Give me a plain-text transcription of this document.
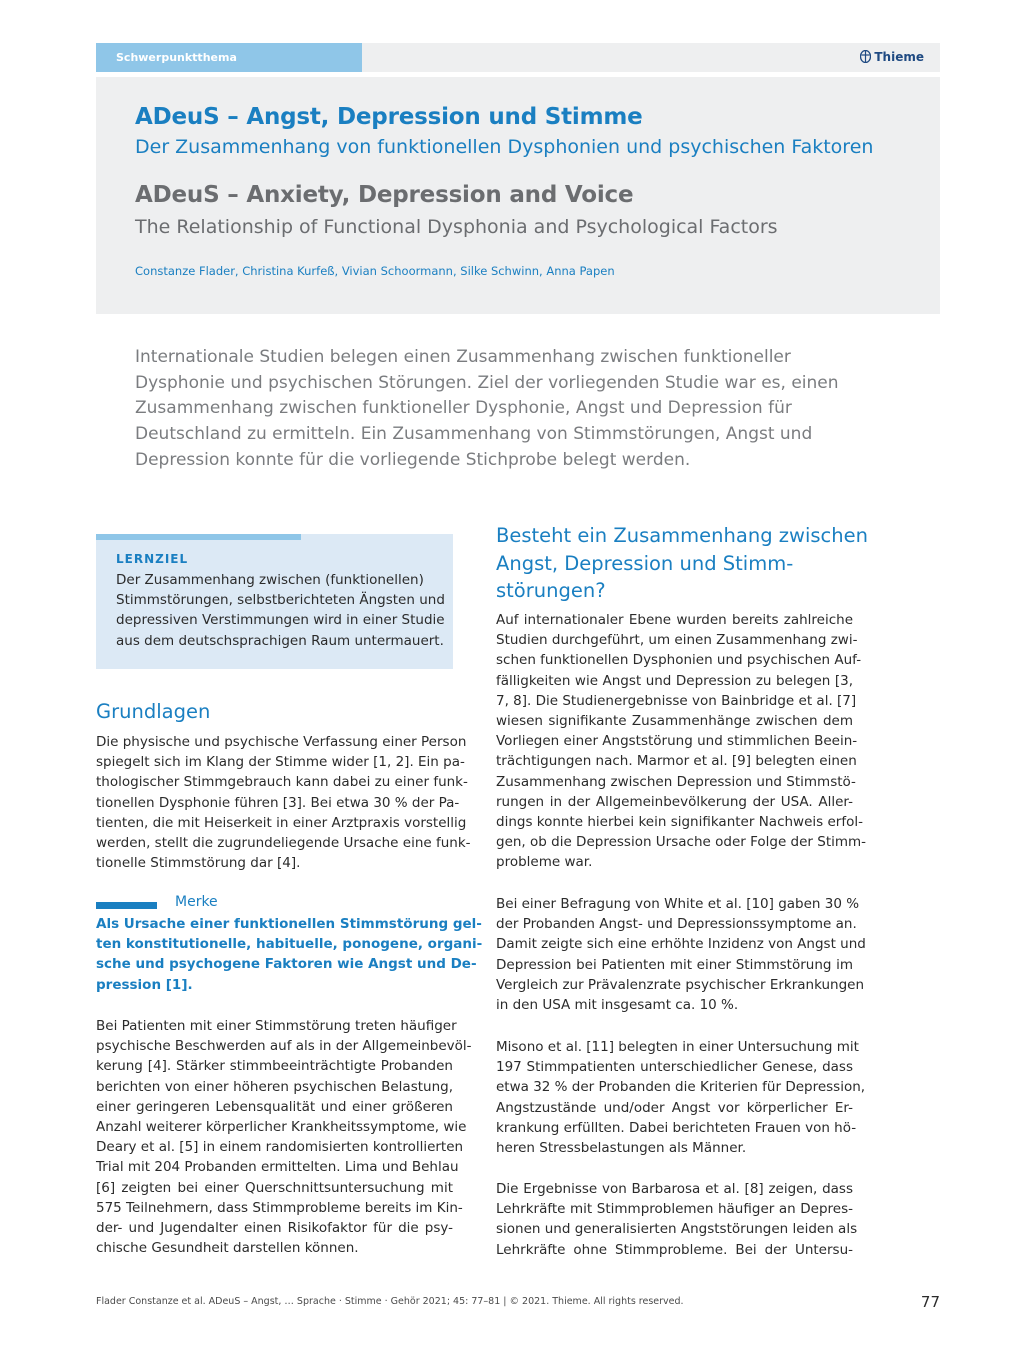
Schwerpunktthema	Thieme
ADeuS – Angst, Depression und Stimme
Der Zusammenhang von funktionellen Dysphonien und psychischen Faktoren
ADeuS – Anxiety, Depression and Voice
The Relationship of Functional Dysphonia and Psychological Factors
Constanze Flader, Christina Kurfeß, Vivian Schoormann, Silke Schwinn, Anna Papen
Internationale Studien belegen einen Zusammenhang zwischen funktioneller
Dysphonie und psychischen Störungen. Ziel der vorliegenden Studie war es, einen
Zusammenhang zwischen funktioneller Dysphonie, Angst und Depression für
Deutschland zu ermitteln. Ein Zusammenhang von Stimmstörungen, Angst und
Depression konnte für die vorliegende Stichprobe belegt werden.
LERNZIEL
Der Zusammenhang zwischen (funktionellen)
Stimmstörungen, selbstberichteten Ängsten und
depressiven Verstimmungen wird in einer Studie
aus dem deutschsprachigen Raum untermauert.
Grundlagen
Die physische und psychische Verfassung einer Person
spiegelt sich im Klang der Stimme wider [1, 2]. Ein pa-
thologischer Stimmgebrauch kann dabei zu einer funk-
tionellen Dysphonie führen [3]. Bei etwa 30 % der Pa-
tienten, die mit Heiserkeit in einer Arztpraxis vorstellig
werden, stellt die zugrundeliegende Ursache eine funk-
tionelle Stimmstörung dar [4].
Merke
Als Ursache einer funktionellen Stimmstörung gel-
ten konstitutionelle, habituelle, ponogene, organi-
sche und psychogene Faktoren wie Angst und De-
pression [1].
Bei Patienten mit einer Stimmstörung treten häufiger
psychische Beschwerden auf als in der Allgemeinbevöl-
kerung [4]. Stärker stimmbeeinträchtigte Probanden
berichten von einer höheren psychischen Belastung,
einer geringeren Lebensqualität und einer größeren
Anzahl weiterer körperlicher Krankheitssymptome, wie
Deary et al. [5] in einem randomisierten kontrollierten
Trial mit 204 Probanden ermittelten. Lima und Behlau
[6] zeigten bei einer Querschnittsuntersuchung mit
575 Teilnehmern, dass Stimmprobleme bereits im Kin-
der- und Jugendalter einen Risikofaktor für die psy-
chische Gesundheit darstellen können.
Besteht ein Zusammenhang zwischen
Angst, Depression und Stimm-
störungen?
Auf internationaler Ebene wurden bereits zahlreiche
Studien durchgeführt, um einen Zusammenhang zwi-
schen funktionellen Dysphonien und psychischen Auf-
fälligkeiten wie Angst und Depression zu belegen [3,
7, 8]. Die Studienergebnisse von Bainbridge et al. [7]
wiesen signifikante Zusammenhänge zwischen dem
Vorliegen einer Angststörung und stimmlichen Beein-
trächtigungen nach. Marmor et al. [9] belegten einen
Zusammenhang zwischen Depression und Stimmstö-
rungen in der Allgemeinbevölkerung der USA. Aller-
dings konnte hierbei kein signifikanter Nachweis erfol-
gen, ob die Depression Ursache oder Folge der Stimm-
probleme war.
Bei einer Befragung von White et al. [10] gaben 30 %
der Probanden Angst- und Depressionssymptome an.
Damit zeigte sich eine erhöhte Inzidenz von Angst und
Depression bei Patienten mit einer Stimmstörung im
Vergleich zur Prävalenzrate psychischer Erkrankungen
in den USA mit insgesamt ca. 10 %.
Misono et al. [11] belegten in einer Untersuchung mit
197 Stimmpatienten unterschiedlicher Genese, dass
etwa 32 % der Probanden die Kriterien für Depression,
Angstzustände und/oder Angst vor körperlicher Er-
krankung erfüllten. Dabei berichteten Frauen von hö-
heren Stressbelastungen als Männer.
Die Ergebnisse von Barbarosa et al. [8] zeigen, dass
Lehrkräfte mit Stimmproblemen häufiger an Depres-
sionen und generalisierten Angststörungen leiden als
Lehrkräfte ohne Stimmprobleme. Bei der Untersu-
Flader Constanze et al. ADeuS – Angst, … Sprache · Stimme · Gehör 2021; 45: 77–81 | © 2021. Thieme. All rights reserved.	77
